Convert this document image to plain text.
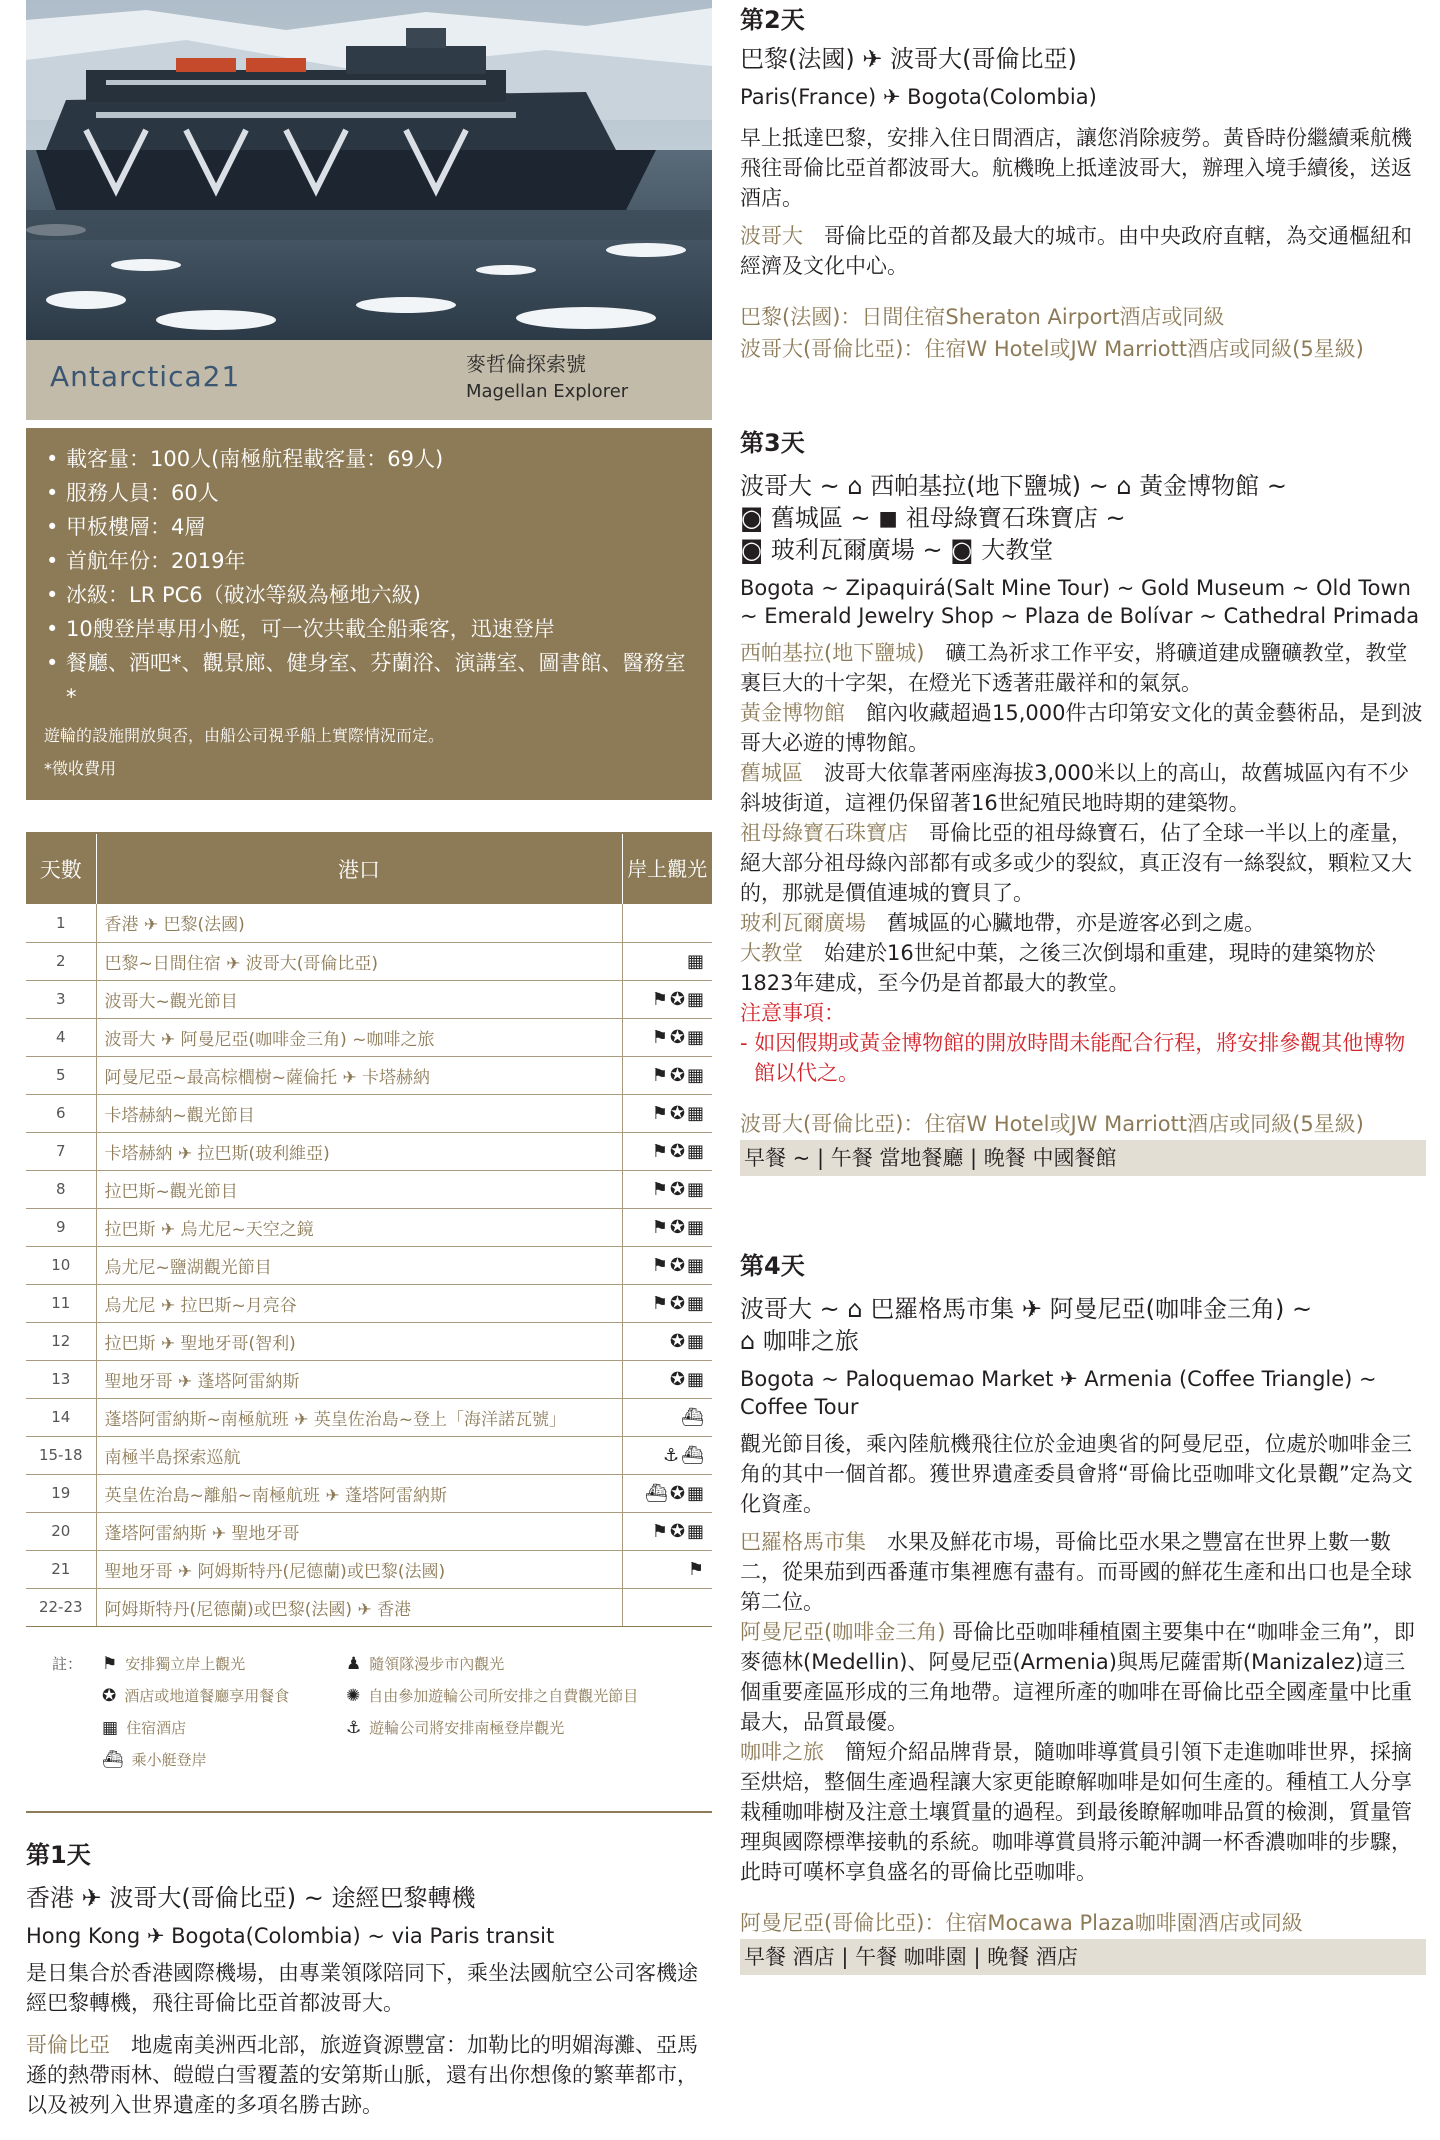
Antarctica21	麥哲倫探索號
Magellan Explorer
• 載客量：100人(南極航程載客量：69人)
• 服務人員：60人
• 甲板樓層：4層
• 首航年份：2019年
• 冰級：LR PC6（破冰等級為極地六級)
• 10艘登岸專用小艇，可一次共載全船乘客，迅速登岸
• 餐廳、酒吧*、觀景廊、健身室、芬蘭浴、演講室、圖書館、醫務室*
遊輪的設施開放與否，由船公司視乎船上實際情況而定。
*徵收費用
天數	港口	岸上觀光
1	香港 ✈ 巴黎(法國)	
2	巴黎~日間住宿 ✈ 波哥大(哥倫比亞)	▦
3	波哥大~觀光節目	⚑✪▦
4	波哥大 ✈ 阿曼尼亞(咖啡金三角) ~咖啡之旅	⚑✪▦
5	阿曼尼亞~最高棕櫚樹~薩倫托 ✈ 卡塔赫納	⚑✪▦
6	卡塔赫納~觀光節目	⚑✪▦
7	卡塔赫納 ✈ 拉巴斯(玻利維亞)	⚑✪▦
8	拉巴斯~觀光節目	⚑✪▦
9	拉巴斯 ✈ 烏尤尼~天空之鏡	⚑✪▦
10	烏尤尼~鹽湖觀光節目	⚑✪▦
11	烏尤尼 ✈ 拉巴斯~月亮谷	⚑✪▦
12	拉巴斯 ✈ 聖地牙哥(智利)	✪▦
13	聖地牙哥 ✈ 蓬塔阿雷納斯	✪▦
14	蓬塔阿雷納斯~南極航班 ✈ 英皇佐治島~登上「海洋諾瓦號」	⛴
15-18	南極半島探索巡航	⚓⛴
19	英皇佐治島~離船~南極航班 ✈ 蓬塔阿雷納斯	⛴✪▦
20	蓬塔阿雷納斯 ✈ 聖地牙哥	⚑✪▦
21	聖地牙哥 ✈ 阿姆斯特丹(尼德蘭)或巴黎(法國)	⚑
22-23	阿姆斯特丹(尼德蘭)或巴黎(法國) ✈ 香港	
註： ⚑ 安排獨立岸上觀光
✪ 酒店或地道餐廳享用餐食
▦ 住宿酒店
⛴ 乘小艇登岸
♟ 隨領隊漫步市內觀光
✺ 自由參加遊輪公司所安排之自費觀光節目
⚓ 遊輪公司將安排南極登岸觀光
第1天
香港 ✈ 波哥大(哥倫比亞) ~ 途經巴黎轉機
Hong Kong ✈ Bogota(Colombia) ~ via Paris transit
是日集合於香港國際機場，由專業領隊陪同下，乘坐法國航空公司客機途經巴黎轉機，飛往哥倫比亞首都波哥大。
哥倫比亞　地處南美洲西北部，旅遊資源豐富：加勒比的明媚海灘、亞馬遜的熱帶雨林、皚皚白雪覆蓋的安第斯山脈，還有出你想像的繁華都市，以及被列入世界遺產的多項名勝古跡。
第2天
巴黎(法國) ✈ 波哥大(哥倫比亞)
Paris(France) ✈ Bogota(Colombia)
早上抵達巴黎，安排入住日間酒店，讓您消除疲勞。黃昏時份繼續乘航機飛往哥倫比亞首都波哥大。航機晚上抵達波哥大，辦理入境手續後，送返酒店。
波哥大　哥倫比亞的首都及最大的城市。由中央政府直轄，為交通樞紐和經濟及文化中心。
巴黎(法國)：日間住宿Sheraton Airport酒店或同級
波哥大(哥倫比亞)：住宿W Hotel或JW Marriott酒店或同級(5星級)
第3天
波哥大 ~ ⌂ 西帕基拉(地下鹽城) ~ ⌂ 黃金博物館 ~
◙ 舊城區 ~ ◼ 祖母綠寶石珠寶店 ~
◙ 玻利瓦爾廣場 ~ ◙ 大教堂
Bogota ~ Zipaquirá(Salt Mine Tour) ~ Gold Museum ~ Old Town ~ Emerald Jewelry Shop ~ Plaza de Bolívar ~ Cathedral Primada
西帕基拉(地下鹽城)　礦工為祈求工作平安，將礦道建成鹽礦教堂，教堂裏巨大的十字架，在燈光下透著莊嚴祥和的氣氛。
黃金博物館　館內收藏超過15,000件古印第安文化的黃金藝術品，是到波哥大必遊的博物館。
舊城區　波哥大依靠著兩座海拔3,000米以上的高山，故舊城區內有不少斜坡街道，這裡仍保留著16世紀殖民地時期的建築物。
祖母綠寶石珠寶店　哥倫比亞的祖母綠寶石，佔了全球一半以上的產量，絕大部分祖母綠內部都有或多或少的裂紋，真正沒有一絲裂紋，顆粒又大的，那就是價值連城的寶貝了。
玻利瓦爾廣場　舊城區的心臟地帶，亦是遊客必到之處。
大教堂　始建於16世紀中葉，之後三次倒塌和重建，現時的建築物於1823年建成，至今仍是首都最大的教堂。
注意事項：
- 如因假期或黃金博物館的開放時間未能配合行程，將安排參觀其他博物館以代之。
波哥大(哥倫比亞)：住宿W Hotel或JW Marriott酒店或同級(5星級)
早餐 ~ | 午餐 當地餐廳 | 晚餐 中國餐館
第4天
波哥大 ~ ⌂ 巴羅格馬市集 ✈ 阿曼尼亞(咖啡金三角) ~
⌂ 咖啡之旅
Bogota ~ Paloquemao Market ✈ Armenia (Coffee Triangle) ~ Coffee Tour
觀光節目後，乘內陸航機飛往位於金迪奧省的阿曼尼亞，位處於咖啡金三角的其中一個首都。獲世界遺產委員會將“哥倫比亞咖啡文化景觀”定為文化資產。
巴羅格馬市集　水果及鮮花市場，哥倫比亞水果之豐富在世界上數一數二，從果茄到西番蓮市集裡應有盡有。而哥國的鮮花生產和出口也是全球第二位。
阿曼尼亞(咖啡金三角) 哥倫比亞咖啡種植園主要集中在“咖啡金三角”，即麥德林(Medellin)、阿曼尼亞(Armenia)與馬尼薩雷斯(Manizalez)這三個重要產區形成的三角地帶。這裡所產的咖啡在哥倫比亞全國產量中比重最大，品質最優。
咖啡之旅　簡短介紹品牌背景，隨咖啡導賞員引領下走進咖啡世界，採摘至烘焙，整個生產過程讓大家更能瞭解咖啡是如何生產的。種植工人分享栽種咖啡樹及注意土壤質量的過程。到最後瞭解咖啡品質的檢測，質量管理與國際標準接軌的系統。咖啡導賞員將示範沖調一杯香濃咖啡的步驟，此時可嘆杯享負盛名的哥倫比亞咖啡。
阿曼尼亞(哥倫比亞)：住宿Mocawa Plaza咖啡園酒店或同級
早餐 酒店 | 午餐 咖啡園 | 晚餐 酒店
